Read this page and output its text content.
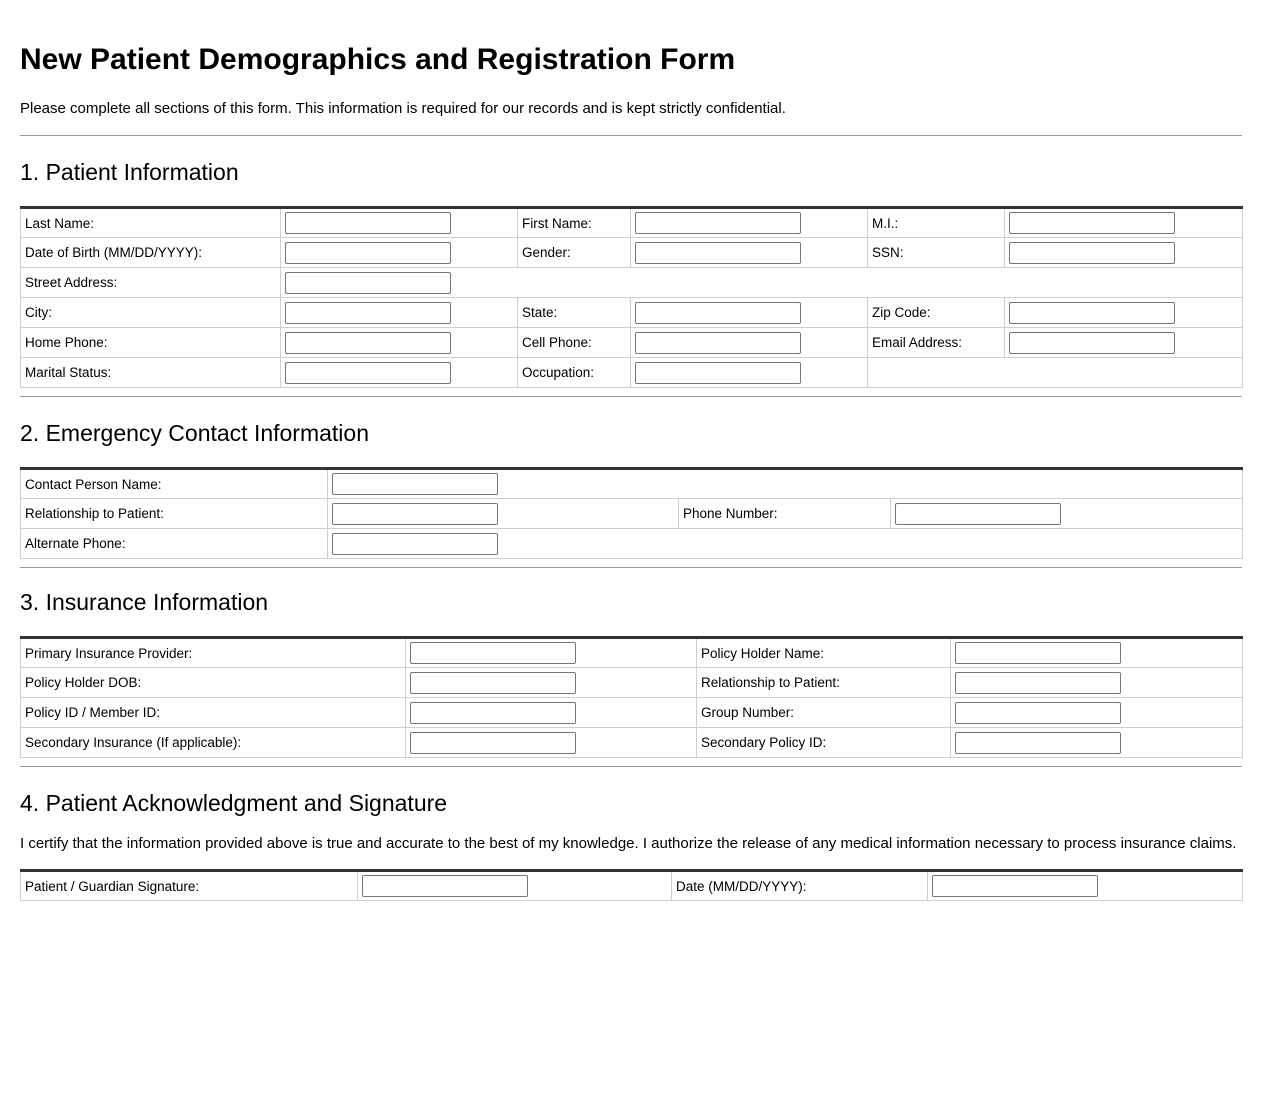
New Patient Demographics and Registration Form

Please complete all sections of this form. This information is required for our records and is kept strictly confidential.

1. Patient Information
Last Name:		First Name:		M.I.:	

Date of Birth (MM/DD/YYYY):		Gender:		SSN:	

Street Address:	

City:		State:		Zip Code:	

Home Phone:		Cell Phone:		Email Address:	

Marital Status:		Occupation:	

2. Emergency Contact Information
Contact Person Name:	

Relationship to Patient:		Phone Number:	

Alternate Phone:	
3. Insurance Information
Primary Insurance Provider:		Policy Holder Name:	

Policy Holder DOB:		Relationship to Patient:	

Policy ID / Member ID:		Group Number:	

Secondary Insurance (If applicable):		Secondary Policy ID:	
4. Patient Acknowledgment and Signature

I certify that the information provided above is true and accurate to the best of my knowledge. I authorize the release of any medical information necessary to process insurance claims.

Patient / Guardian Signature:		Date (MM/DD/YYYY):	
